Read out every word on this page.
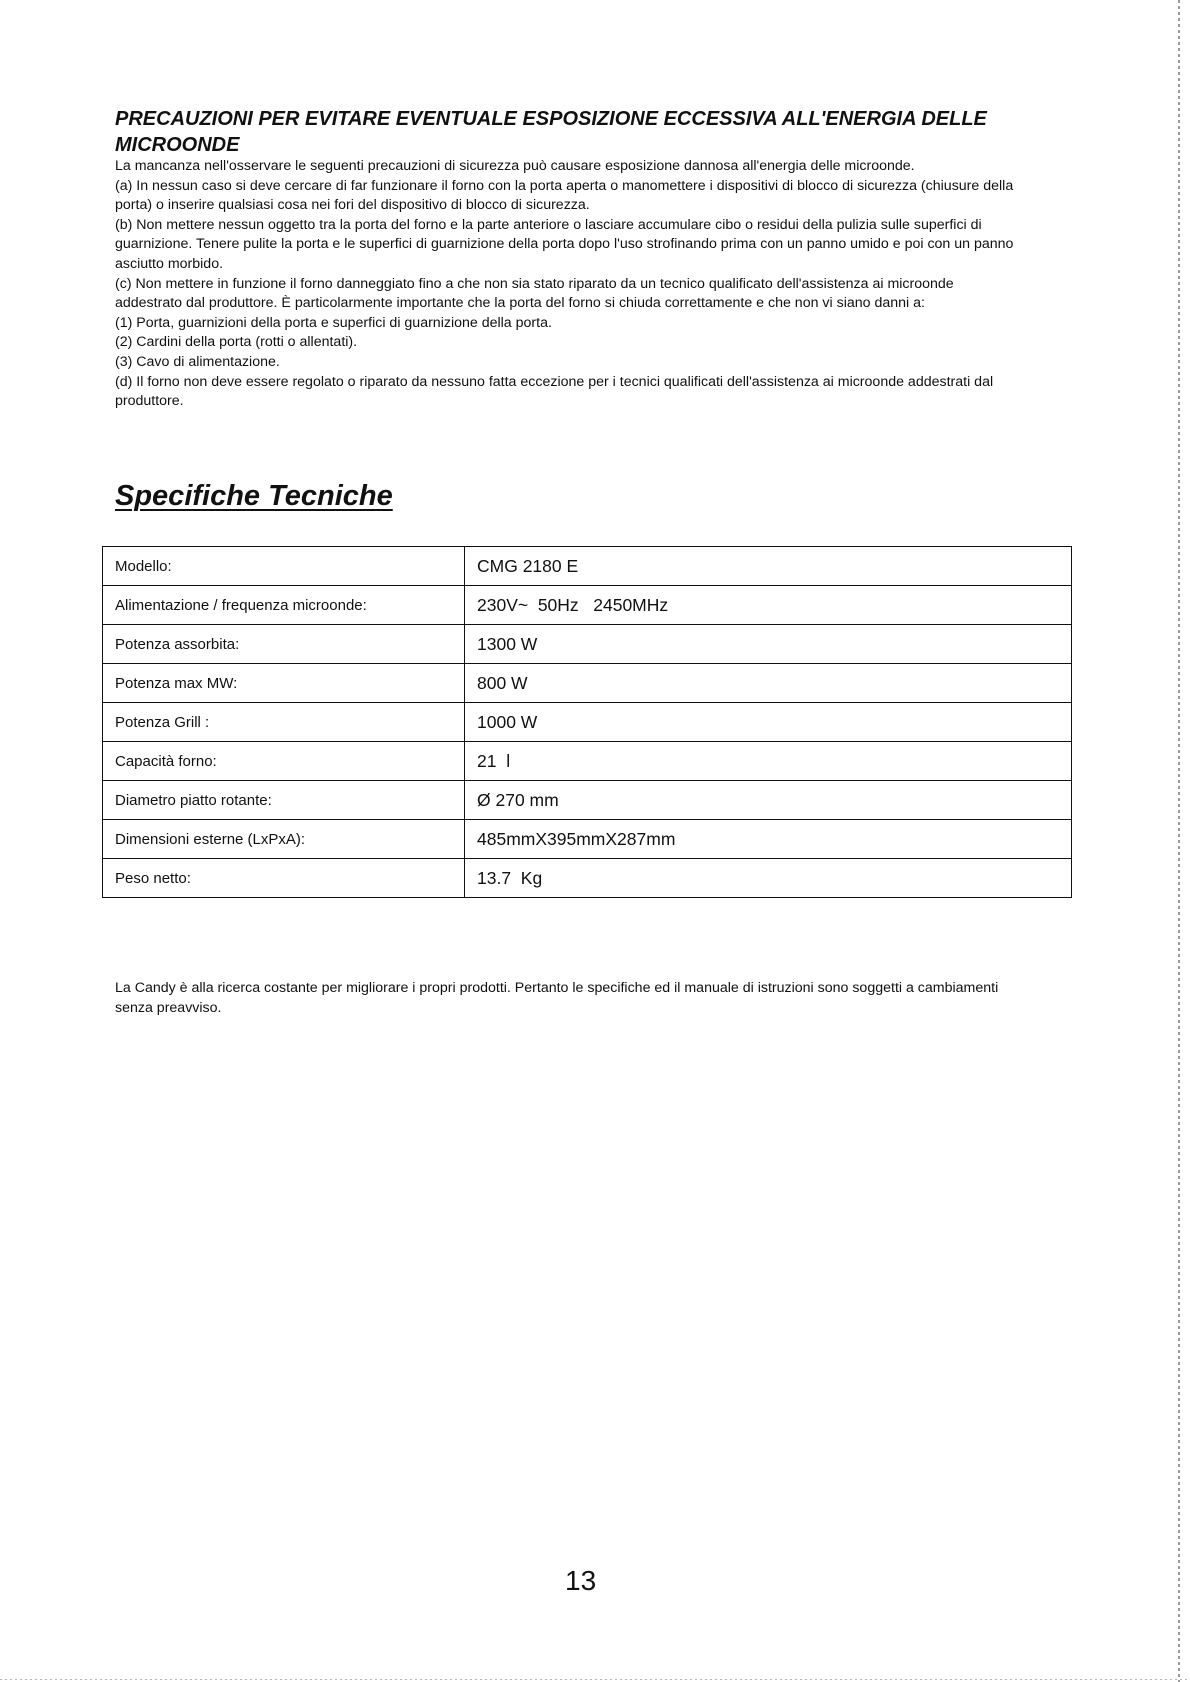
PRECAUZIONI PER EVITARE EVENTUALE ESPOSIZIONE ECCESSIVA ALL'ENERGIA DELLE MICROONDE

La mancanza nell'osservare le seguenti precauzioni di sicurezza può causare esposizione dannosa all'energia delle microonde.

(a) In nessun caso si deve cercare di far funzionare il forno con la porta aperta o manomettere i dispositivi di blocco di sicurezza (chiusure della porta) o inserire qualsiasi cosa nei fori del dispositivo di blocco di sicurezza.

(b) Non mettere nessun oggetto tra la porta del forno e la parte anteriore o lasciare accumulare cibo o residui della pulizia sulle superfici di guarnizione. Tenere pulite la porta e le superfici di guarnizione della porta dopo l'uso strofinando prima con un panno umido e poi con un panno asciutto morbido.

(c) Non mettere in funzione il forno danneggiato fino a che non sia stato riparato da un tecnico qualificato dell'assistenza ai microonde addestrato dal produttore. È particolarmente importante che la porta del forno si chiuda correttamente e che non vi siano danni a:

(1) Porta, guarnizioni della porta e superfici di guarnizione della porta.

(2) Cardini della porta (rotti o allentati).

(3) Cavo di alimentazione.

(d) Il forno non deve essere regolato o riparato da nessuno fatta eccezione per i tecnici qualificati dell'assistenza ai microonde addestrati dal produttore.

Specifiche Tecniche
Modello:	CMG 2180 E
Alimentazione / frequenza microonde:	230V~  50Hz   2450MHz
Potenza assorbita:	1300 W
Potenza max MW:	800 W
Potenza Grill :	1000 W
Capacità forno:	21  l
Diametro piatto rotante:	Ø 270 mm
Dimensioni esterne (LxPxA):	485mmX395mmX287mm
Peso netto:	13.7  Kg

La Candy è alla ricerca costante per migliorare i propri prodotti. Pertanto le specifiche ed il manuale di istruzioni sono soggetti a cambiamenti senza preavviso.

13
